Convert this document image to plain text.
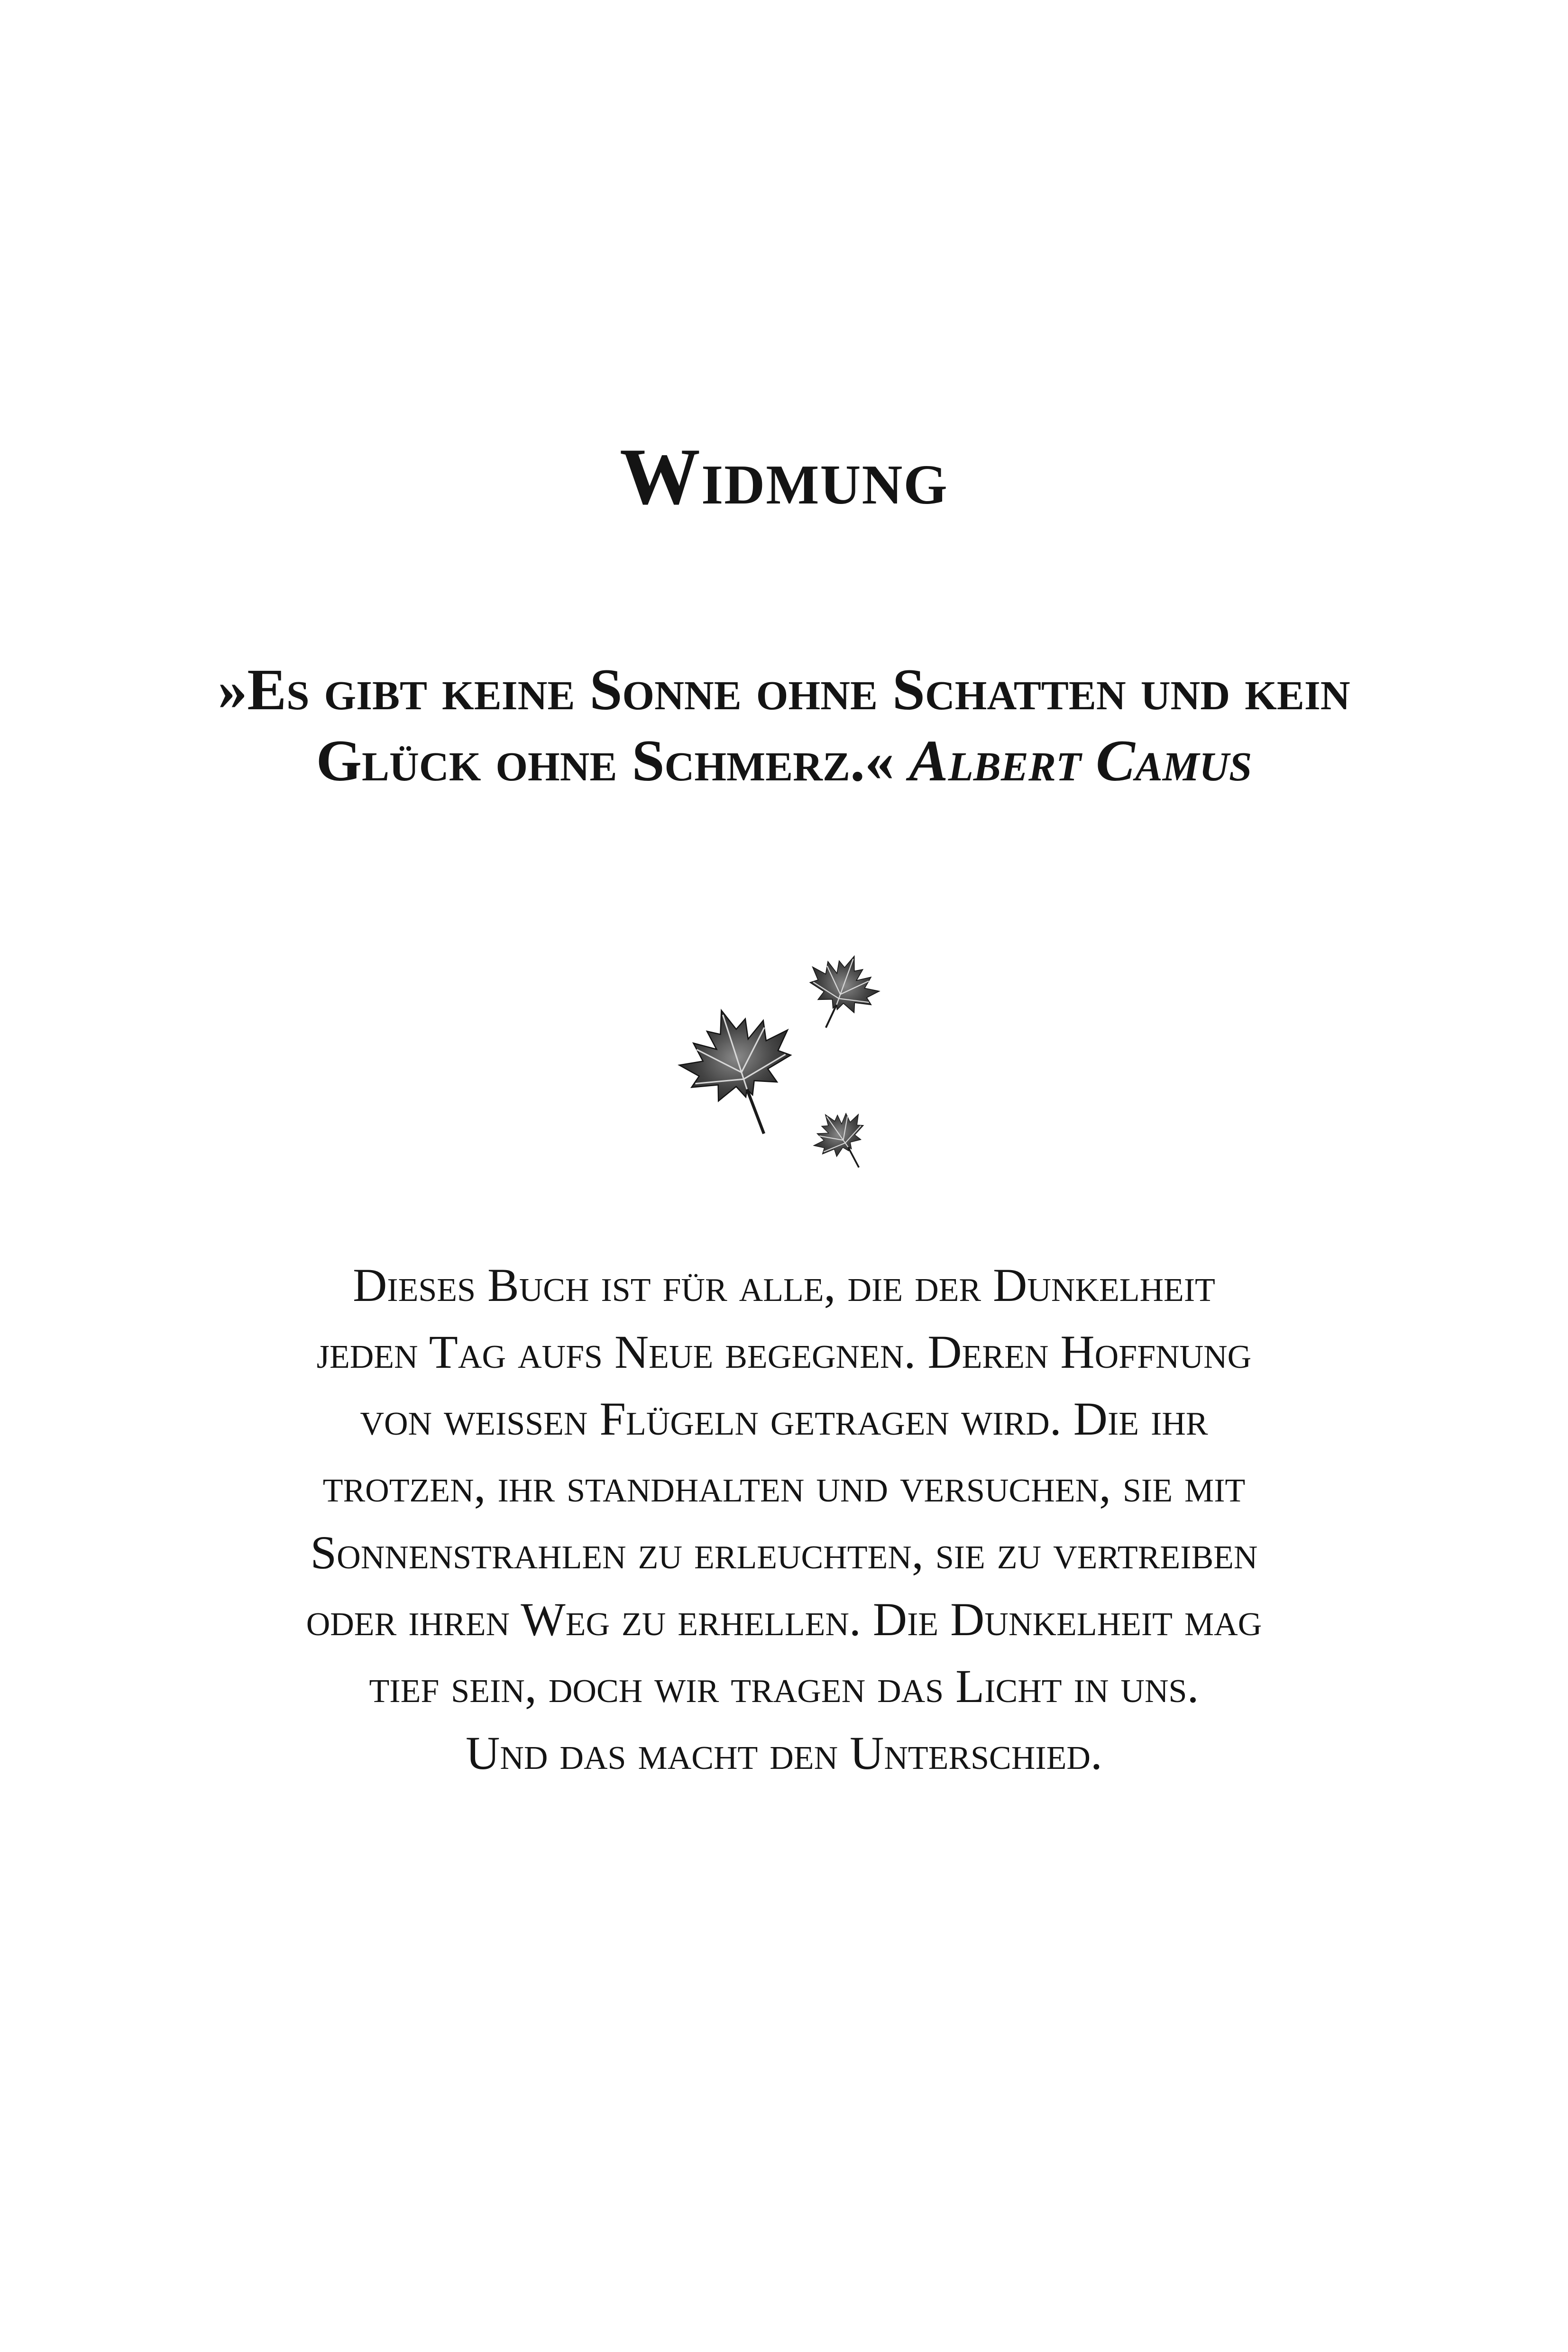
Widmung

»Es gibt keine Sonne ohne Schatten und kein Glück ohne Schmerz.« Albert Camus

Dieses Buch ist für alle, die der Dunkelheit
jeden Tag aufs Neue begegnen. Deren Hoffnung
von weissen Flügeln getragen wird. Die ihr
trotzen, ihr standhalten und versuchen, sie mit
Sonnenstrahlen zu erleuchten, sie zu vertreiben
oder ihren Weg zu erhellen. Die Dunkelheit mag
tief sein, doch wir tragen das Licht in uns.
Und das macht den Unterschied.
